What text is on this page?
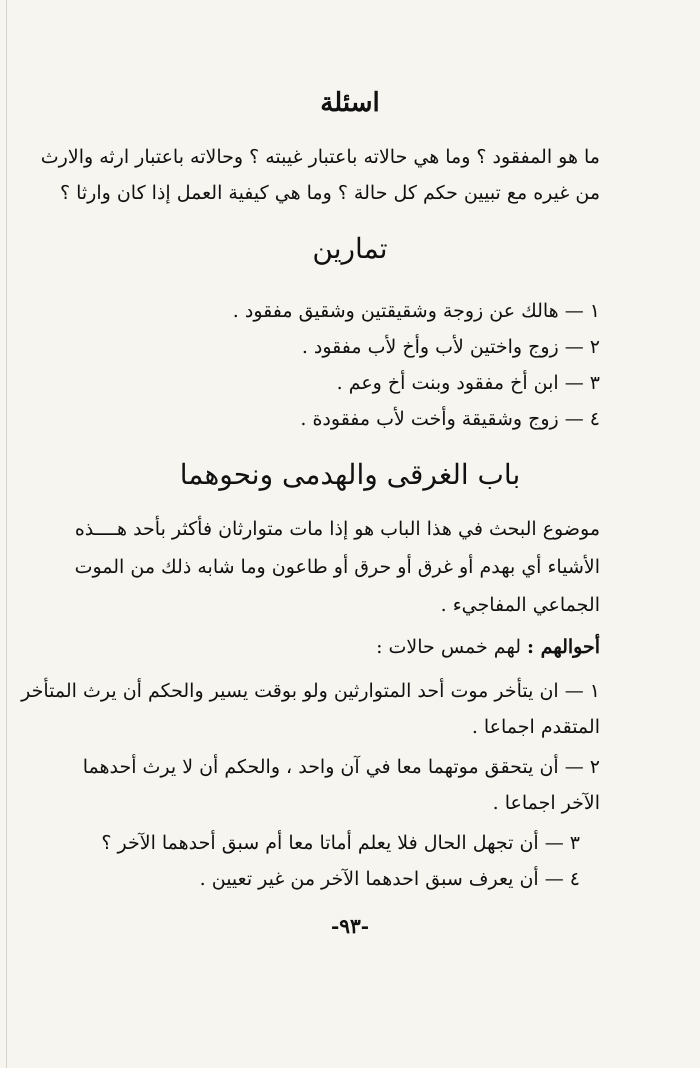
اسئلة
ما هو المفقود ؟ وما هي حالاته باعتبار غيبته ؟ وحالاته باعتبار ارثه والارث
من غيره مع تبيين حكم كل حالة ؟ وما هي كيفية العمل إذا كان وارثا ؟
تمارين
١ — هالك عن زوجة وشقيقتين وشقيق مفقود .
٢ — زوج واختين لأب وأخ لأب مفقود .
٣ — ابن أخ مفقود وبنت أخ وعم .
٤ — زوج وشقيقة وأخت لأب مفقودة .
باب الغرقى والهدمى ونحوهما
موضوع البحث في هذا الباب هو إذا مات متوارثان فأكثر بأحد هــــذه
الأشياء أي بهدم أو غرق أو حرق أو طاعون وما شابه ذلك من الموت
الجماعي المفاجيء .
أحوالهم : لهم خمس حالات :
١ — ان يتأخر موت أحد المتوارثين ولو بوقت يسير والحكم أن يرث المتأخر
المتقدم اجماعا .
٢ — أن يتحقق موتهما معا في آن واحد ، والحكم أن لا يرث أحدهما
الآخر اجماعا .
٣ — أن تجهل الحال فلا يعلم أماتا معا أم سبق أحدهما الآخر ؟
٤ — أن يعرف سبق احدهما الآخر من غير تعيين .
-٩٣-
